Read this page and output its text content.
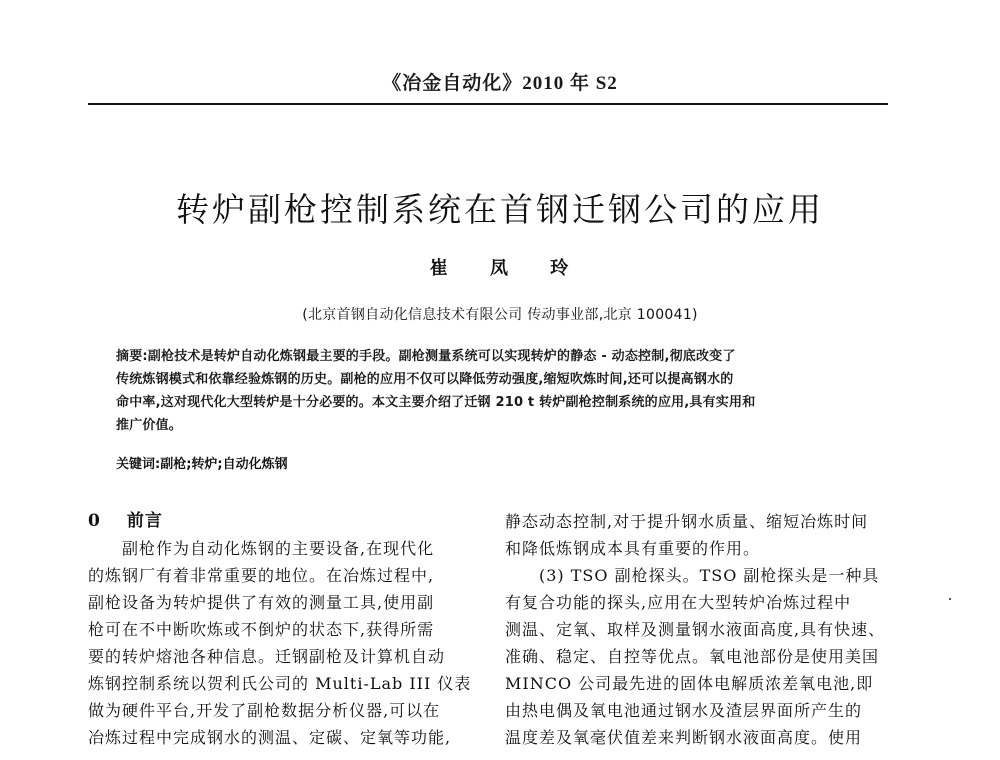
《冶金自动化》2010 年 S2
转炉副枪控制系统在首钢迁钢公司的应用
崔 凤 玲
(北京首钢自动化信息技术有限公司 传动事业部,北京 100041)
摘要:副枪技术是转炉自动化炼钢最主要的手段。副枪测量系统可以实现转炉的静态 - 动态控制,彻底改变了
传统炼钢模式和依靠经验炼钢的历史。副枪的应用不仅可以降低劳动强度,缩短吹炼时间,还可以提高钢水的
命中率,这对现代化大型转炉是十分必要的。本文主要介绍了迁钢 210 t 转炉副枪控制系统的应用,具有实用和
推广价值。
关键词:副枪;转炉;自动化炼钢
0 前言
副枪作为自动化炼钢的主要设备,在现代化
的炼钢厂有着非常重要的地位。在冶炼过程中,
副枪设备为转炉提供了有效的测量工具,使用副
枪可在不中断吹炼或不倒炉的状态下,获得所需
要的转炉熔池各种信息。迁钢副枪及计算机自动
炼钢控制系统以贺利氏公司的 Multi-Lab III 仪表
做为硬件平台,开发了副枪数据分析仪器,可以在
冶炼过程中完成钢水的测温、定碳、定氧等功能,
静态动态控制,对于提升钢水质量、缩短冶炼时间
和降低炼钢成本具有重要的作用。
(3) TSO 副枪探头。TSO 副枪探头是一种具
有复合功能的探头,应用在大型转炉冶炼过程中
测温、定氧、取样及测量钢水液面高度,具有快速、
准确、稳定、自控等优点。氧电池部份是使用美国
MINCO 公司最先进的固体电解质浓差氧电池,即
由热电偶及氧电池通过钢水及渣层界面所产生的
温度差及氧毫伏值差来判断钢水液面高度。使用
